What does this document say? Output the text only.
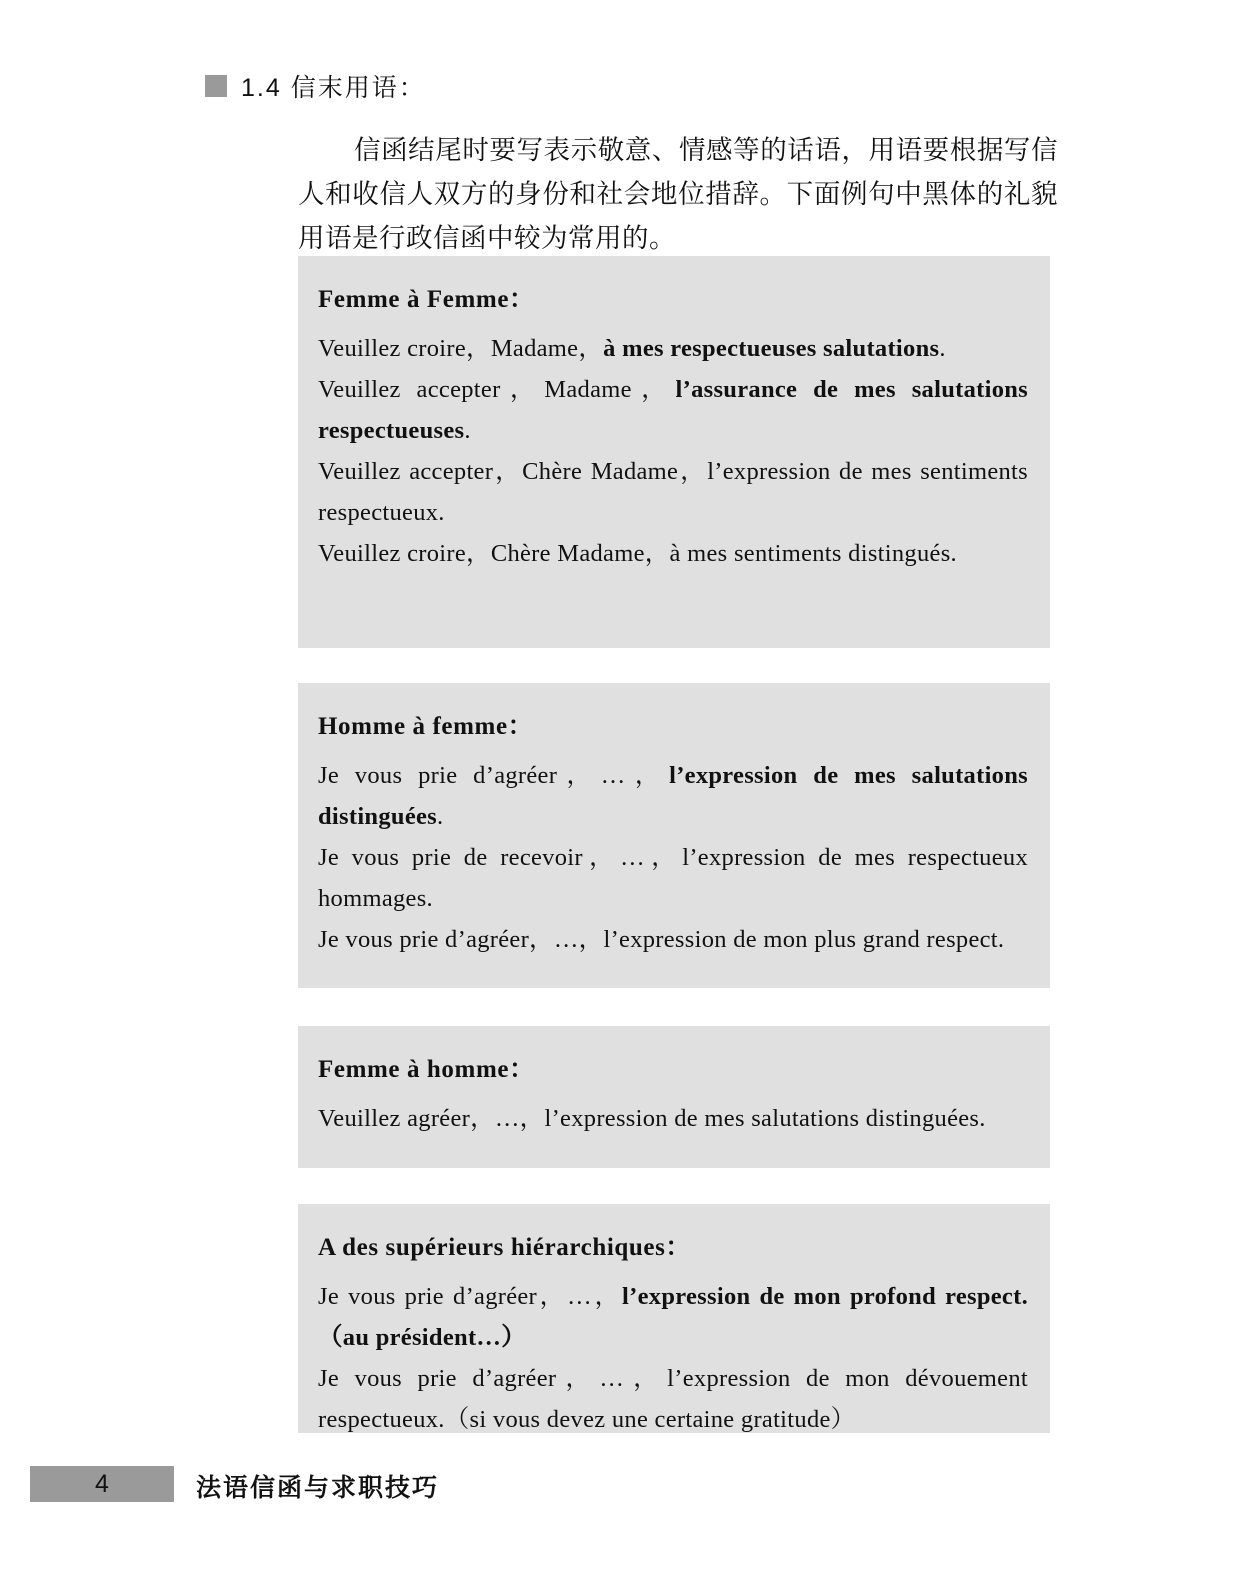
1.4 信末用语：
信函结尾时要写表示敬意、情感等的话语，用语要根据写信人和收信人双方的身份和社会地位措辞。下面例句中黑体的礼貌用语是行政信函中较为常用的。
Femme à Femme：

Veuillez croire，Madame，à mes respectueuses salutations.

Veuillez accepter，Madame，l’assurance de mes salutations respectueuses.

Veuillez accepter，Chère Madame，l’expression de mes sentiments respectueux.

Veuillez croire，Chère Madame，à mes sentiments distingués.

Homme à femme：

Je vous prie d’agréer，…，l’expression de mes salutations distinguées.

Je vous prie de recevoir，…，l’expression de mes respectueux hommages.

Je vous prie d’agréer，…，l’expression de mon plus grand respect.

Femme à homme：

Veuillez agréer，…，l’expression de mes salutations distinguées.

A des supérieurs hiérarchiques：

Je vous prie d’agréer，…，l’expression de mon profond respect.（au président…）

Je vous prie d’agréer，…，l’expression de mon dévouement respectueux.（si vous devez une certaine gratitude）

4	法语信函与求职技巧
